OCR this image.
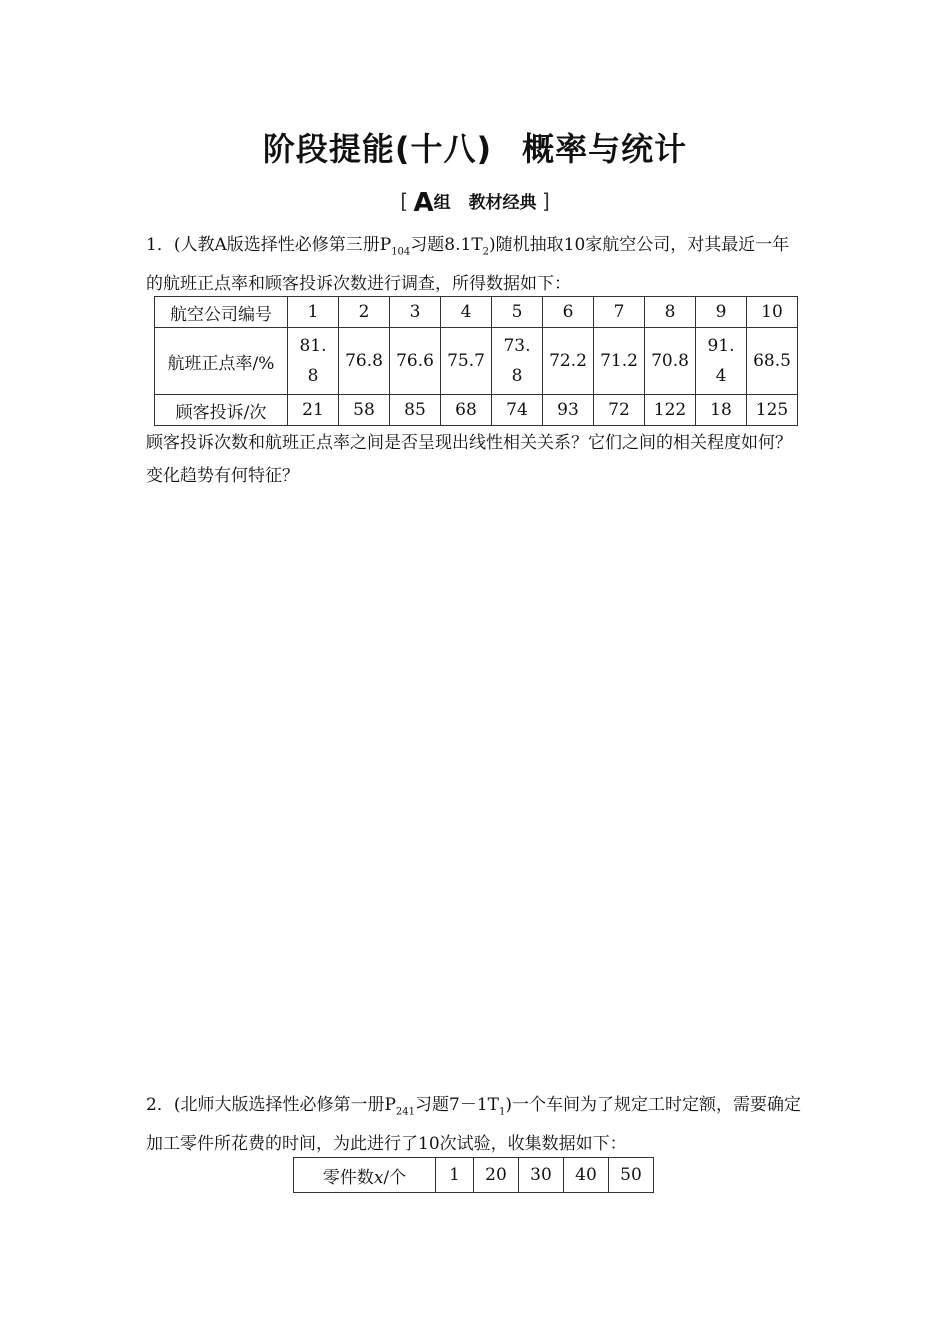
阶段提能(十八) 概率与统计
[ A组 教材经典 ]
1．(人教A版选择性必修第三册$P_{104}$习题$8.1T_2$)随机抽取10家航空公司，对其最近一年的航班正点率和顾客投诉次数进行调查，所得数据如下：
航空公司编号	1	2	3	4	5	6	7	8	9	10
航班正点率/%	81.8	76.8	76.6	75.7	73.8	72.2	71.2	70.8	91.4	68.5
顾客投诉/次	21	58	85	68	74	93	72	122	18	125
顾客投诉次数和航班正点率之间是否呈现出线性相关关系？它们之间的相关程度如何？变化趋势有何特征？
2．(北师大版选择性必修第一册$P_{241}$习题$7-1T_1$)一个车间为了规定工时定额，需要确定加工零件所花费的时间，为此进行了10次试验，收集数据如下：
零件数x/个	1	20	30	40	50
